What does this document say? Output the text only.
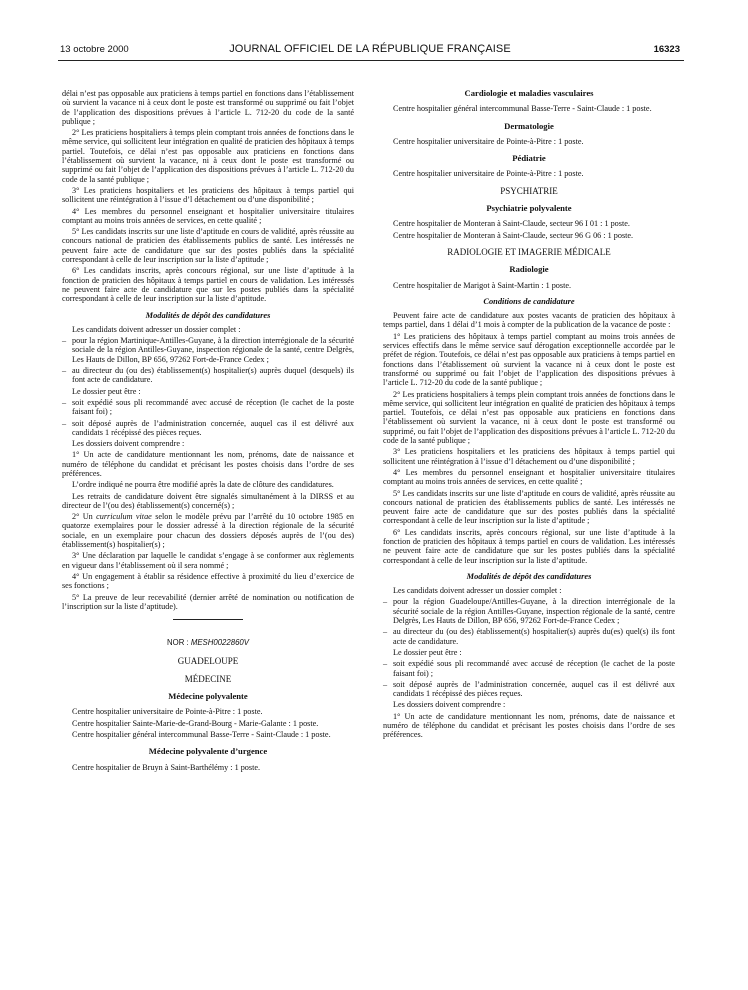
13 octobre 2000	JOURNAL OFFICIEL DE LA RÉPUBLIQUE FRANÇAISE	16323

délai n’est pas opposable aux praticiens à temps partiel en fonctions dans l’établissement où survient la vacance ni à ceux dont le poste est transformé ou supprimé ou fait l’objet de l’application des dispositions prévues à l’article L. 712-20 du code de la santé publique ;

2° Les praticiens hospitaliers à temps plein comptant trois années de fonctions dans le même service, qui sollicitent leur intégration en qualité de praticien des hôpitaux à temps partiel. Toutefois, ce délai n’est pas opposable aux praticiens en fonctions dans l’établissement où survient la vacance, ni à ceux dont le poste est transformé ou supprimé ou fait l’objet de l’application des dispositions prévues à l’article L. 712-20 du code de la santé publique ;

3° Les praticiens hospitaliers et les praticiens des hôpitaux à temps partiel qui sollicitent une réintégration à l’issue d’l détachement ou d’une disponibilité ;

4° Les membres du personnel enseignant et hospitalier universitaire titulaires comptant au moins trois années de services, en cette qualité ;

5° Les candidats inscrits sur une liste d’aptitude en cours de validité, après réussite au concours national de praticien des établissements publics de santé. Les intéressés ne peuvent faire acte de candidature que sur des postes publiés dans la spécialité correspondant à celle de leur inscription sur la liste d’aptitude ;

6° Les candidats inscrits, après concours régional, sur une liste d’aptitude à la fonction de praticien des hôpitaux à temps partiel en cours de validation. Les intéressés ne peuvent faire acte de candidature que sur les postes publiés dans la spécialité correspondant à celle de leur inscription sur la liste d’aptitude.

Modalités de dépôt des candidatures

Les candidats doivent adresser un dossier complet :

– pour la région Martinique-Antilles-Guyane, à la direction interrégionale de la sécurité sociale de la région Antilles-Guyane, inspection régionale de la santé, centre Delgrès, Les Hauts de Dillon, BP 656, 97262 Fort-de-France Cedex ;

– au directeur du (ou des) établissement(s) hospitalier(s) auprès duquel (desquels) ils font acte de candidature.

Le dossier peut être :

– soit expédié sous pli recommandé avec accusé de réception (le cachet de la poste faisant foi) ;

– soit déposé auprès de l’administration concernée, auquel cas il est délivré aux candidats 1 récépissé des pièces reçues.

Les dossiers doivent comprendre :

1° Un acte de candidature mentionnant les nom, prénoms, date de naissance et numéro de téléphone du candidat et précisant les postes choisis dans l’ordre de ses préférences.

L’ordre indiqué ne pourra être modifié après la date de clôture des candidatures.

Les retraits de candidature doivent être signalés simultanément à la DIRSS et au directeur de l’(ou des) établissement(s) concerné(s) ;

2° Un curriculum vitae selon le modèle prévu par l’arrêté du 10 octobre 1985 en quatorze exemplaires pour le dossier adressé à la direction régionale de la sécurité sociale, en un exemplaire pour chacun des dossiers déposés auprès de l’(ou des) établissement(s) hospitalier(s) ;

3° Une déclaration par laquelle le candidat s’engage à se conformer aux règlements en vigueur dans l’établissement où il sera nommé ;

4° Un engagement à établir sa résidence effective à proximité du lieu d’exercice de ses fonctions ;

5° La preuve de leur recevabilité (dernier arrêté de nomination ou notification de l’inscription sur la liste d’aptitude).

NOR : MESH0022860V
GUADELOUPE
MÉDECINE
Médecine polyvalente

Centre hospitalier universitaire de Pointe-à-Pitre : 1 poste.

Centre hospitalier Sainte-Marie-de-Grand-Bourg - Marie-Galante : 1 poste.

Centre hospitalier général intercommunal Basse-Terre - Saint-Claude : 1 poste.

Médecine polyvalente d’urgence

Centre hospitalier de Bruyn à Saint-Barthélémy : 1 poste.

Cardiologie et maladies vasculaires

Centre hospitalier général intercommunal Basse-Terre - Saint-Claude : 1 poste.

Dermatologie

Centre hospitalier universitaire de Pointe-à-Pitre : 1 poste.

Pédiatrie

Centre hospitalier universitaire de Pointe-à-Pitre : 1 poste.

PSYCHIATRIE
Psychiatrie polyvalente

Centre hospitalier de Monteran à Saint-Claude, secteur 96 I 01 : 1 poste.

Centre hospitalier de Monteran à Saint-Claude, secteur 96 G 06 : 1 poste.

RADIOLOGIE ET IMAGERIE MÉDICALE
Radiologie

Centre hospitalier de Marigot à Saint-Martin : 1 poste.

Conditions de candidature

Peuvent faire acte de candidature aux postes vacants de praticien des hôpitaux à temps partiel, dans 1 délai d’1 mois à compter de la publication de la vacance de poste :

1° Les praticiens des hôpitaux à temps partiel comptant au moins trois années de services effectifs dans le même service sauf dérogation exceptionnelle accordée par le préfet de région. Toutefois, ce délai n’est pas opposable aux praticiens à temps partiel en fonctions dans l’établissement où survient la vacance ni à ceux dont le poste est transformé ou supprimé ou fait l’objet de l’application des dispositions prévues à l’article L. 712-20 du code de la santé publique ;

2° Les praticiens hospitaliers à temps plein comptant trois années de fonctions dans le même service, qui sollicitent leur intégration en qualité de praticien des hôpitaux à temps partiel. Toutefois, ce délai n’est pas opposable aux praticiens en fonctions dans l’établissement où survient la vacance, ni à ceux dont le poste est transformé ou supprimé, ou fait l’objet de l’application des dispositions prévues à l’article L. 712-20 du code de la santé publique ;

3° Les praticiens hospitaliers et les praticiens des hôpitaux à temps partiel qui sollicitent une réintégration à l’issue d’l détachement ou d’une disponibilité ;

4° Les membres du personnel enseignant et hospitalier universitaire titulaires comptant au moins trois années de services, en cette qualité ;

5° Les candidats inscrits sur une liste d’aptitude en cours de validité, après réussite au concours national de praticien des établissements publics de santé. Les intéressés ne peuvent faire acte de candidature que sur des postes publiés dans la spécialité correspondant à celle de leur inscription sur la liste d’aptitude ;

6° Les candidats inscrits, après concours régional, sur une liste d’aptitude à la fonction de praticien des hôpitaux à temps partiel en cours de validation. Les intéressés ne peuvent faire acte de candidature que sur les postes publiés dans la spécialité correspondant à celle de leur inscription sur la liste d’aptitude.

Modalités de dépôt des candidatures

Les candidats doivent adresser un dossier complet :

– pour la région Guadeloupe/Antilles-Guyane, à la direction interrégionale de la sécurité sociale de la région Antilles-Guyane, inspection régionale de la santé, centre Delgrès, Les Hauts de Dillon, BP 656, 97262 Fort-de-France Cedex ;

– au directeur du (ou des) établissement(s) hospitalier(s) auprès du(es) quel(s) ils font acte de candidature.

Le dossier peut être :

– soit expédié sous pli recommandé avec accusé de réception (le cachet de la poste faisant foi) ;

– soit déposé auprès de l’administration concernée, auquel cas il est délivré aux candidats 1 récépissé des pièces reçues.

Les dossiers doivent comprendre :

1° Un acte de candidature mentionnant les nom, prénoms, date de naissance et numéro de téléphone du candidat et précisant les postes choisis dans l’ordre de ses préférences.
